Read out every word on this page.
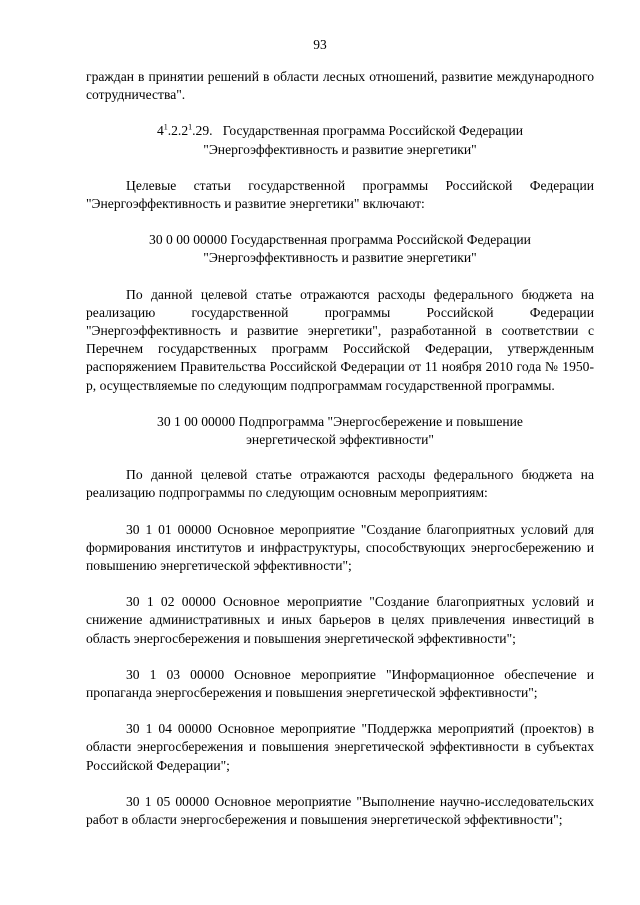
93

граждан в принятии решений в области лесных отношений, развитие международного сотрудничества".

$4^1.2.2^1.29$. Государственная программа Российской Федерации
"Энергоэффективность и развитие энергетики"

Целевые статьи государственной программы Российской Федерации "Энергоэффективность и развитие энергетики" включают:

30 0 00 00000 Государственная программа Российской Федерации
"Энергоэффективность и развитие энергетики"

По данной целевой статье отражаются расходы федерального бюджета на реализацию государственной программы Российской Федерации "Энергоэффективность и развитие энергетики", разработанной в соответствии с Перечнем государственных программ Российской Федерации, утвержденным распоряжением Правительства Российской Федерации от 11 ноября 2010 года № 1950-р, осуществляемые по следующим подпрограммам государственной программы.

30 1 00 00000 Подпрограмма "Энергосбережение и повышение
энергетической эффективности"

По данной целевой статье отражаются расходы федерального бюджета на реализацию подпрограммы по следующим основным мероприятиям:

30 1 01 00000 Основное мероприятие "Создание благоприятных условий для формирования институтов и инфраструктуры, способствующих энергосбережению и повышению энергетической эффективности";

30 1 02 00000 Основное мероприятие "Создание благоприятных условий и снижение административных и иных барьеров в целях привлечения инвестиций в область энергосбережения и повышения энергетической эффективности";

30 1 03 00000 Основное мероприятие "Информационное обеспечение и пропаганда энергосбережения и повышения энергетической эффективности";

30 1 04 00000 Основное мероприятие "Поддержка мероприятий (проектов) в области энергосбережения и повышения энергетической эффективности в субъектах Российской Федерации";

30 1 05 00000 Основное мероприятие "Выполнение научно-исследовательских работ в области энергосбережения и повышения энергетической эффективности";
